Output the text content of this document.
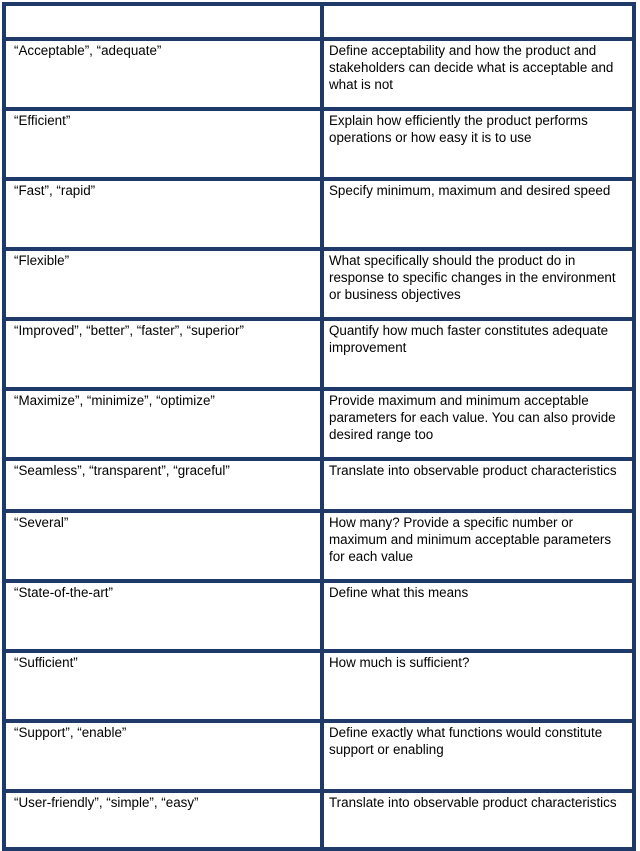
“Acceptable”, “adequate”	Define acceptability and how the product and stakeholders can decide what is acceptable and what is not
“Efficient”	Explain how efficiently the product performs operations or how easy it is to use
“Fast”, “rapid”	Specify minimum, maximum and desired speed
“Flexible”	What specifically should the product do in response to specific changes in the environment or business objectives
“Improved”, “better”, “faster”, “superior”	Quantify how much faster constitutes adequate improvement
“Maximize”, “minimize”, “optimize”	Provide maximum and minimum acceptable parameters for each value. You can also provide desired range too
“Seamless”, “transparent”, “graceful”	Translate into observable product characteristics
“Several”	How many? Provide a specific number or maximum and minimum acceptable parameters for each value
“State-of-the-art”	Define what this means
“Sufficient”	How much is sufficient?
“Support”, “enable”	Define exactly what functions would constitute support or enabling
“User-friendly”, “simple”, “easy”	Translate into observable product characteristics
